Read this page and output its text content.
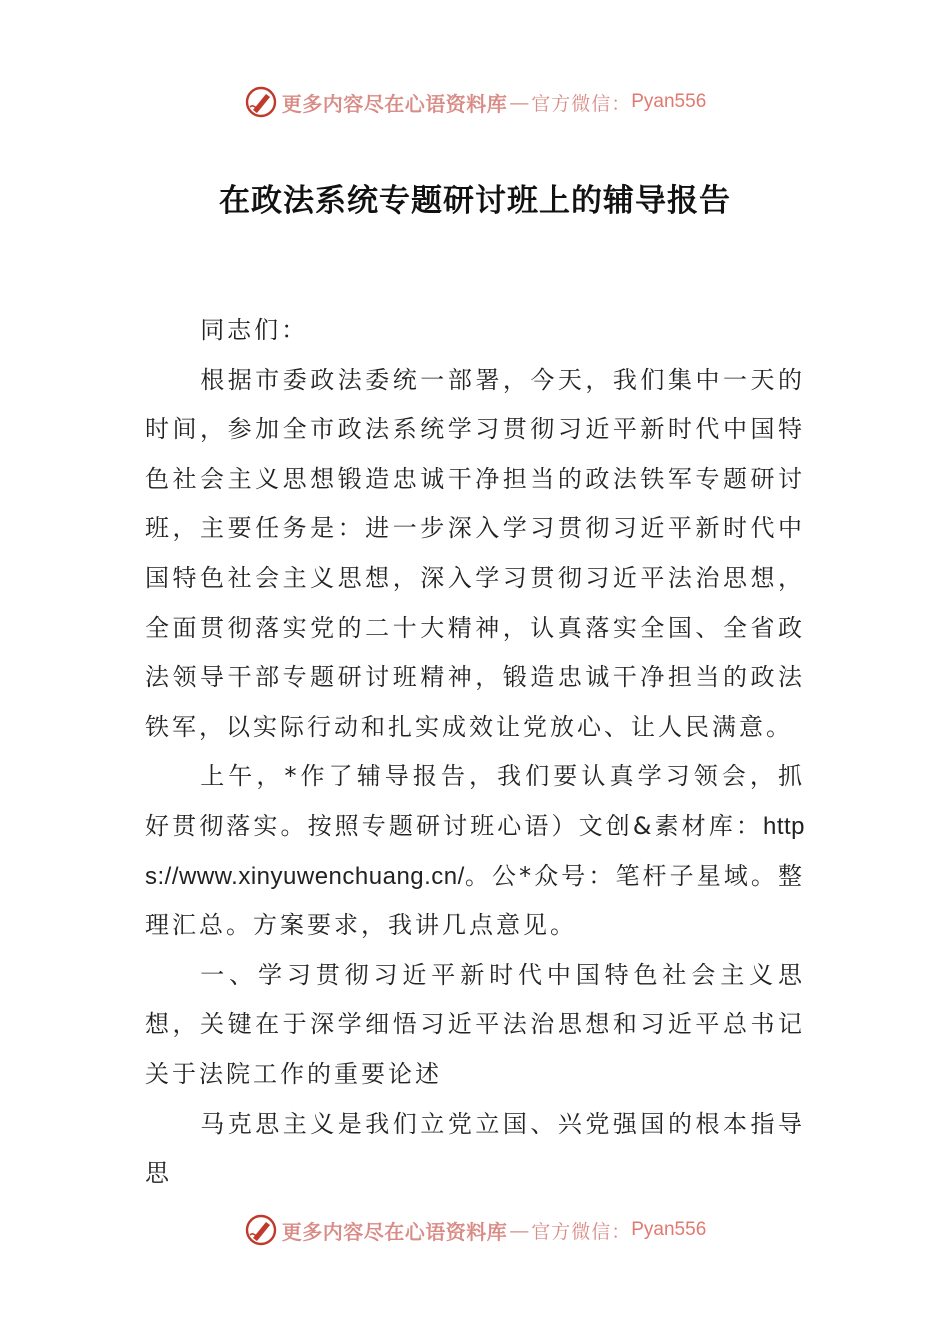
更多内容尽在心语资料库 — 官方微信： Pyan556
在政法系统专题研讨班上的辅导报告

同志们：

根据市委政法委统一部署，今天，我们集中一天的时间，参加全市政法系统学习贯彻习近平新时代中国特色社会主义思想锻造忠诚干净担当的政法铁军专题研讨班，主要任务是：进一步深入学习贯彻习近平新时代中国特色社会主义思想，深入学习贯彻习近平法治思想，全面贯彻落实党的二十大精神，认真落实全国、全省政法领导干部专题研讨班精神，锻造忠诚干净担当的政法铁军，以实际行动和扎实成效让党放心、让人民满意。

上午，*作了辅导报告，我们要认真学习领会，抓好贯彻落实。按照专题研讨班心语）文创&素材库：https://www.xinyuwenchuang.cn/。公*众号：笔杆子星域。整理汇总。方案要求，我讲几点意见。

一、学习贯彻习近平新时代中国特色社会主义思想，关键在于深学细悟习近平法治思想和习近平总书记关于法院工作的重要论述

马克思主义是我们立党立国、兴党强国的根本指导思

更多内容尽在心语资料库 — 官方微信： Pyan556
